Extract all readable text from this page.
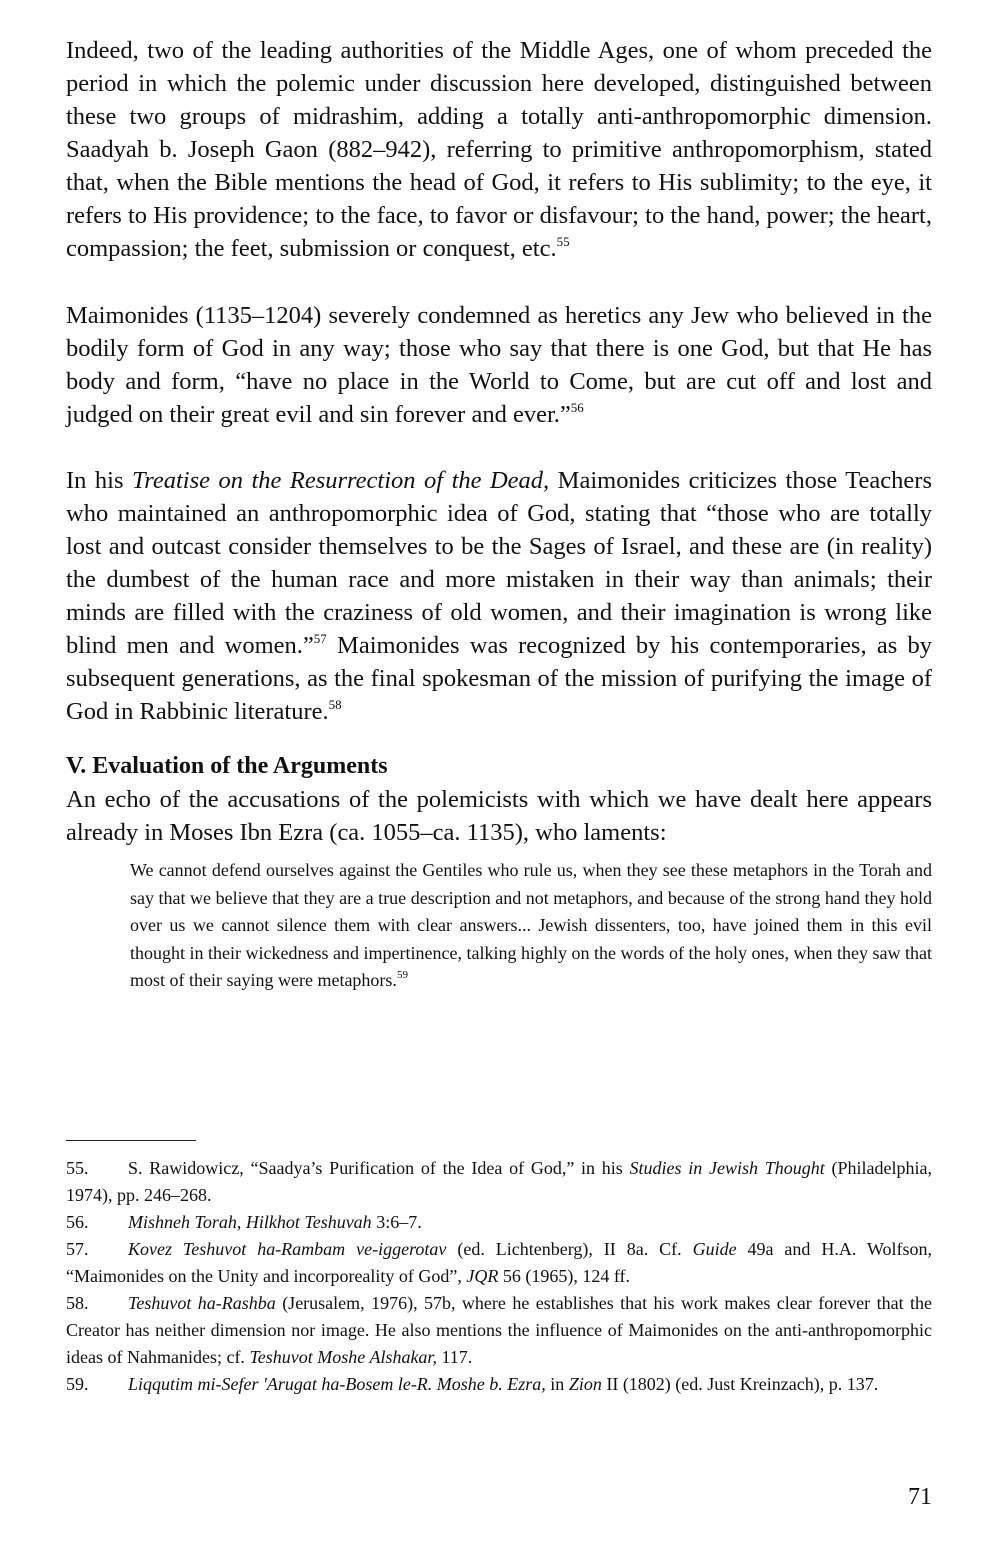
Indeed, two of the leading authorities of the Middle Ages, one of whom preceded the period in which the polemic under discussion here developed, distinguished between these two groups of midrashim, adding a totally anti-anthropomorphic dimension. Saadyah b. Joseph Gaon (882–942), referring to primitive anthropomorphism, stated that, when the Bible mentions the head of God, it refers to His sublimity; to the eye, it refers to His providence; to the face, to favor or disfavour; to the hand, power; the heart, compassion; the feet, submission or conquest, etc.$^{55}$

Maimonides (1135–1204) severely condemned as heretics any Jew who believed in the bodily form of God in any way; those who say that there is one God, but that He has body and form, “have no place in the World to Come, but are cut off and lost and judged on their great evil and sin forever and ever.”$^{56}$

In his Treatise on the Resurrection of the Dead, Maimonides criticizes those Teachers who maintained an anthropomorphic idea of God, stating that “those who are totally lost and outcast consider themselves to be the Sages of Israel, and these are (in reality) the dumbest of the human race and more mistaken in their way than animals; their minds are filled with the craziness of old women, and their imagination is wrong like blind men and women.”$^{57}$ Maimonides was recognized by his contemporaries, as by subsequent generations, as the final spokesman of the mission of purifying the image of God in Rabbinic literature.$^{58}$

V. Evaluation of the Arguments

An echo of the accusations of the polemicists with which we have dealt here appears already in Moses Ibn Ezra (ca. 1055–ca. 1135), who laments:

We cannot defend ourselves against the Gentiles who rule us, when they see these metaphors in the Torah and say that we believe that they are a true description and not metaphors, and because of the strong hand they hold over us we cannot silence them with clear answers... Jewish dissenters, too, have joined them in this evil thought in their wickedness and impertinence, talking highly on the words of the holy ones, when they saw that most of their saying were metaphors.$^{59}$

55. S. Rawidowicz, “Saadya’s Purification of the Idea of God,” in his Studies in Jewish Thought (Philadelphia, 1974), pp. 246–268.

56. Mishneh Torah, Hilkhot Teshuvah 3:6–7.

57. Kovez Teshuvot ha-Rambam ve-iggerotav (ed. Lichtenberg), II 8a. Cf. Guide 49a and H.A. Wolfson, “Maimonides on the Unity and incorporeality of God”, JQR 56 (1965), 124 ff.

58. Teshuvot ha-Rashba (Jerusalem, 1976), 57b, where he establishes that his work makes clear forever that the Creator has neither dimension nor image. He also mentions the influence of Maimonides on the anti-anthropomorphic ideas of Nahmanides; cf. Teshuvot Moshe Alshakar, 117.

59. Liqqutim mi-Sefer 'Arugat ha-Bosem le-R. Moshe b. Ezra, in Zion II (1802) (ed. Just Kreinzach), p. 137.

71
